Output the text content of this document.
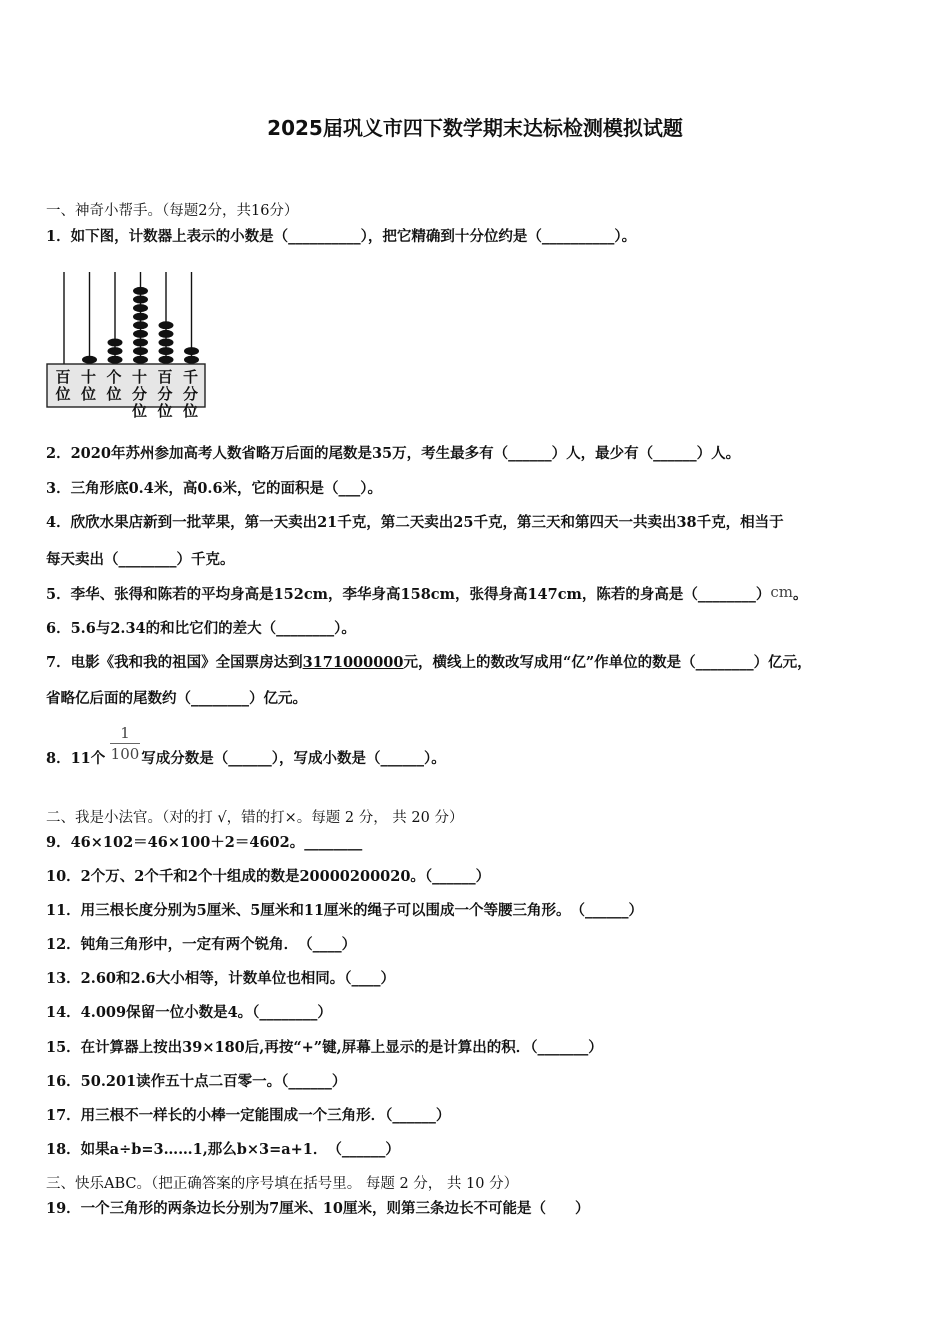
2025届巩义市四下数学期末达标检测模拟试题
一、神奇小帮手。（每题2分，共16分）
1．如下图，计数器上表示的小数是（__________），把它精确到十分位约是（__________）。
百
位
十
位
个
位
十
分
位
百
分
位
千
分
位
2．2020年苏州参加高考人数省略万后面的尾数是35万，考生最多有（______）人，最少有（______）人。
3．三角形底0.4米，高0.6米，它的面积是（___）。
4．欣欣水果店新到一批苹果，第一天卖出21千克，第二天卖出25千克，第三天和第四天一共卖出38千克，相当于
每天卖出（________）千克。
5．李华、张得和陈若的平均身高是152cm，李华身高158cm，张得身高147cm，陈若的身高是（________）cm。
6．5.6与2.34的和比它们的差大（________）。
7．电影《我和我的祖国》全国票房达到3171000000元，横线上的数改写成用“亿”作单位的数是（________）亿元，
省略亿后面的尾数约（________）亿元。
1
100
8．11个 写成分数是（______），写成小数是（______）。
二、我是小法官。（对的打 √，错的打×。每题 2 分， 共 20 分）
9．46×102＝46×100＋2＝4602。________
10．2个万、2个千和2个十组成的数是20000200020。（______）
11．用三根长度分别为5厘米、5厘米和11厘米的绳子可以围成一个等腰三角形。　（______）
12．钝角三角形中，一定有两个锐角．　（____）
13．2.60和2.6大小相等，计数单位也相同。（____）
14．4.009保留一位小数是4。（________）
15．在计算器上按出39×180后,再按“+”键,屏幕上显示的是计算出的积．（_______）
16．50.201读作五十点二百零一。（______）
17．用三根不一样长的小棒一定能围成一个三角形．（______）
18．如果a÷b=3……1,那么b×3=a+1．　（______）
三、快乐ABC。（把正确答案的序号填在括号里。 每题 2 分， 共 10 分）
19．一个三角形的两条边长分别为7厘米、10厘米，则第三条边长不可能是（　　）
